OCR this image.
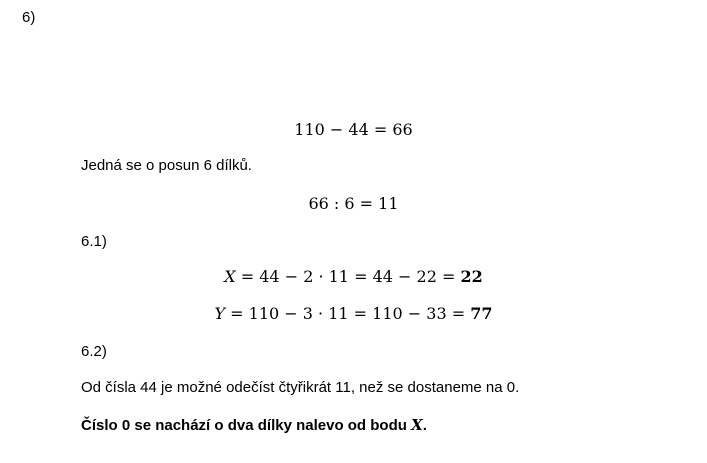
6)
110 − 44 = 66
Jedná se o posun 6 dílků.
66 : 6 = 11
6.1)
X = 44 − 2 · 11 = 44 − 22 = 22
Y = 110 − 3 · 11 = 110 − 33 = 77
6.2)
Od čísla 44 je možné odečíst čtyřikrát 11, než se dostaneme na 0.
Číslo 0 se nachází o dva dílky nalevo od bodu X.
